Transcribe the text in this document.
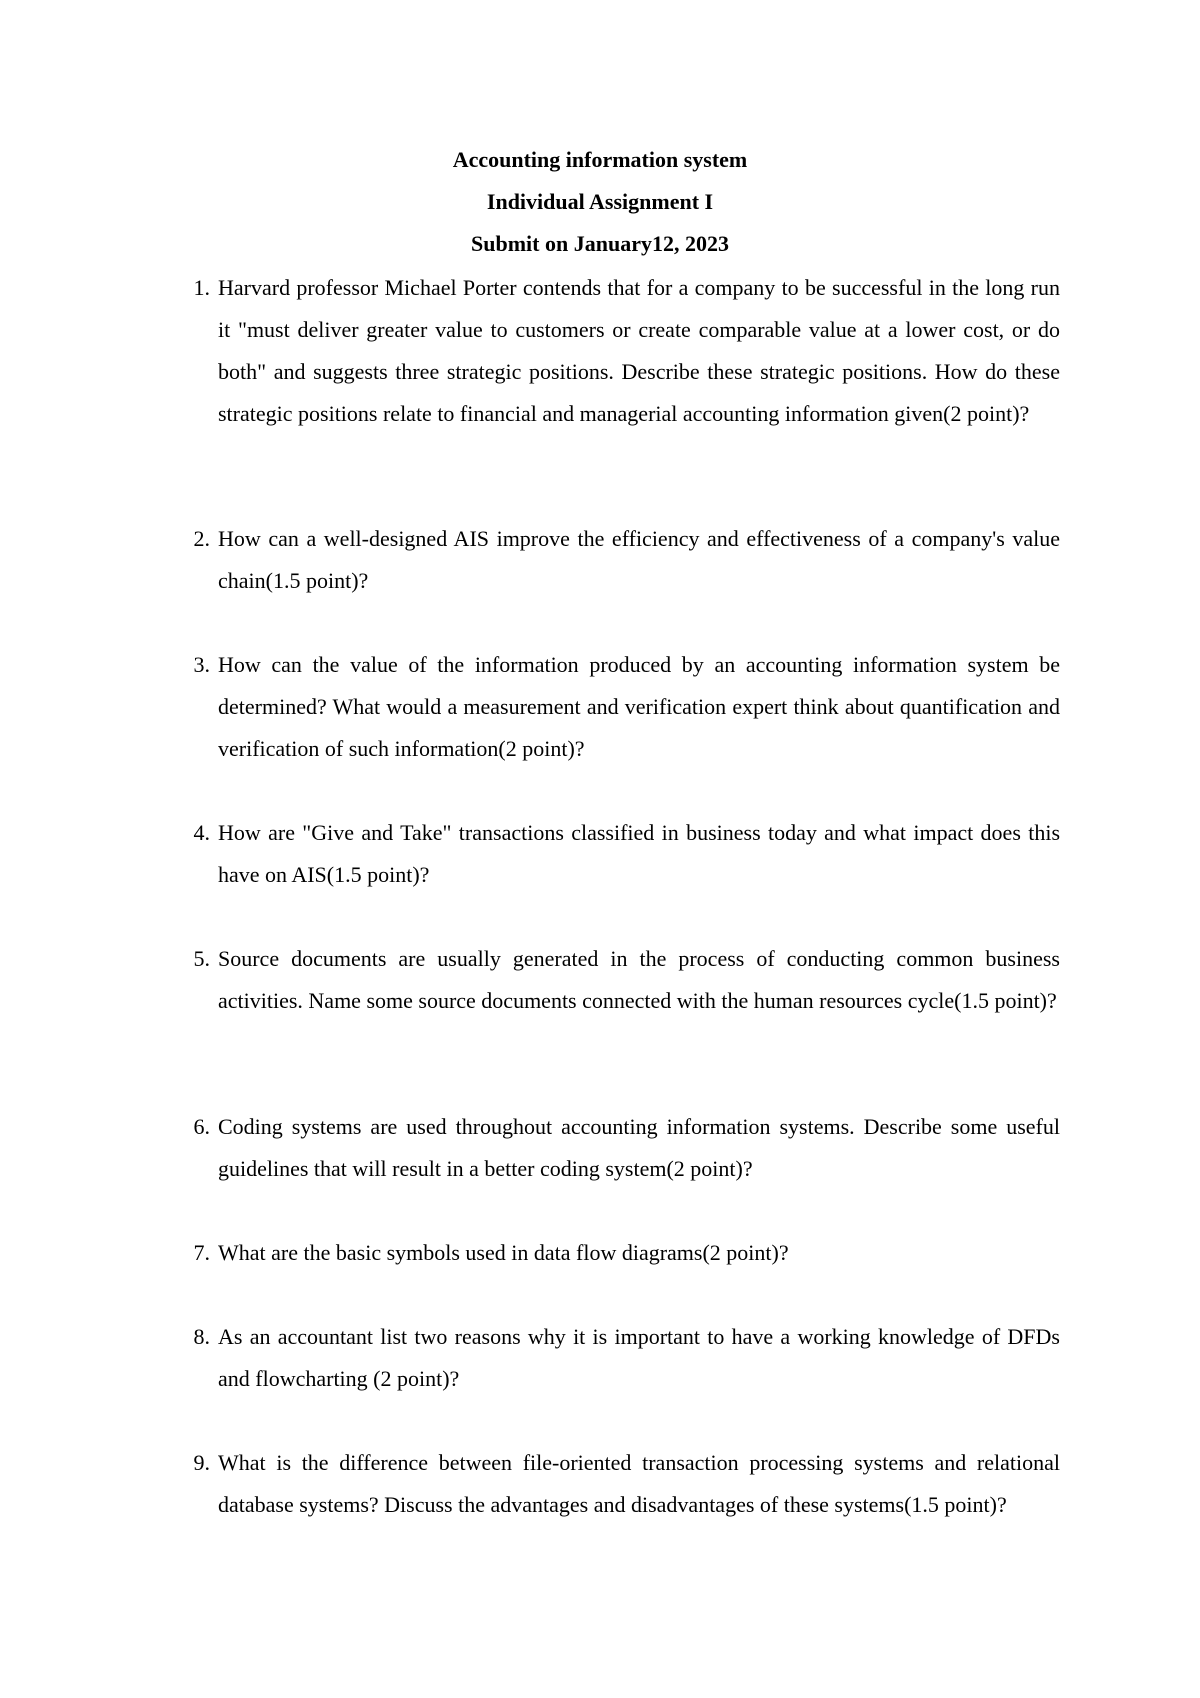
Accounting information system
Individual Assignment I
Submit on January12, 2023
1. Harvard professor Michael Porter contends that for a company to be successful in the long run it "must deliver greater value to customers or create comparable value at a lower cost, or do both" and suggests three strategic positions. Describe these strategic positions. How do these strategic positions relate to financial and managerial accounting information given(2 point)?
2. How can a well-designed AIS improve the efficiency and effectiveness of a company's value chain(1.5 point)?
3. How can the value of the information produced by an accounting information system be determined? What would a measurement and verification expert think about quantification and verification of such information(2 point)?
4. How are "Give and Take" transactions classified in business today and what impact does this have on AIS(1.5 point)?
5. Source documents are usually generated in the process of conducting common business activities. Name some source documents connected with the human resources cycle(1.5 point)?
6. Coding systems are used throughout accounting information systems. Describe some useful guidelines that will result in a better coding system(2 point)?
7. What are the basic symbols used in data flow diagrams(2 point)?
8. As an accountant list two reasons why it is important to have a working knowledge of DFDs and flowcharting (2 point)?
9. What is the difference between file-oriented transaction processing systems and relational database systems? Discuss the advantages and disadvantages of these systems(1.5 point)?
